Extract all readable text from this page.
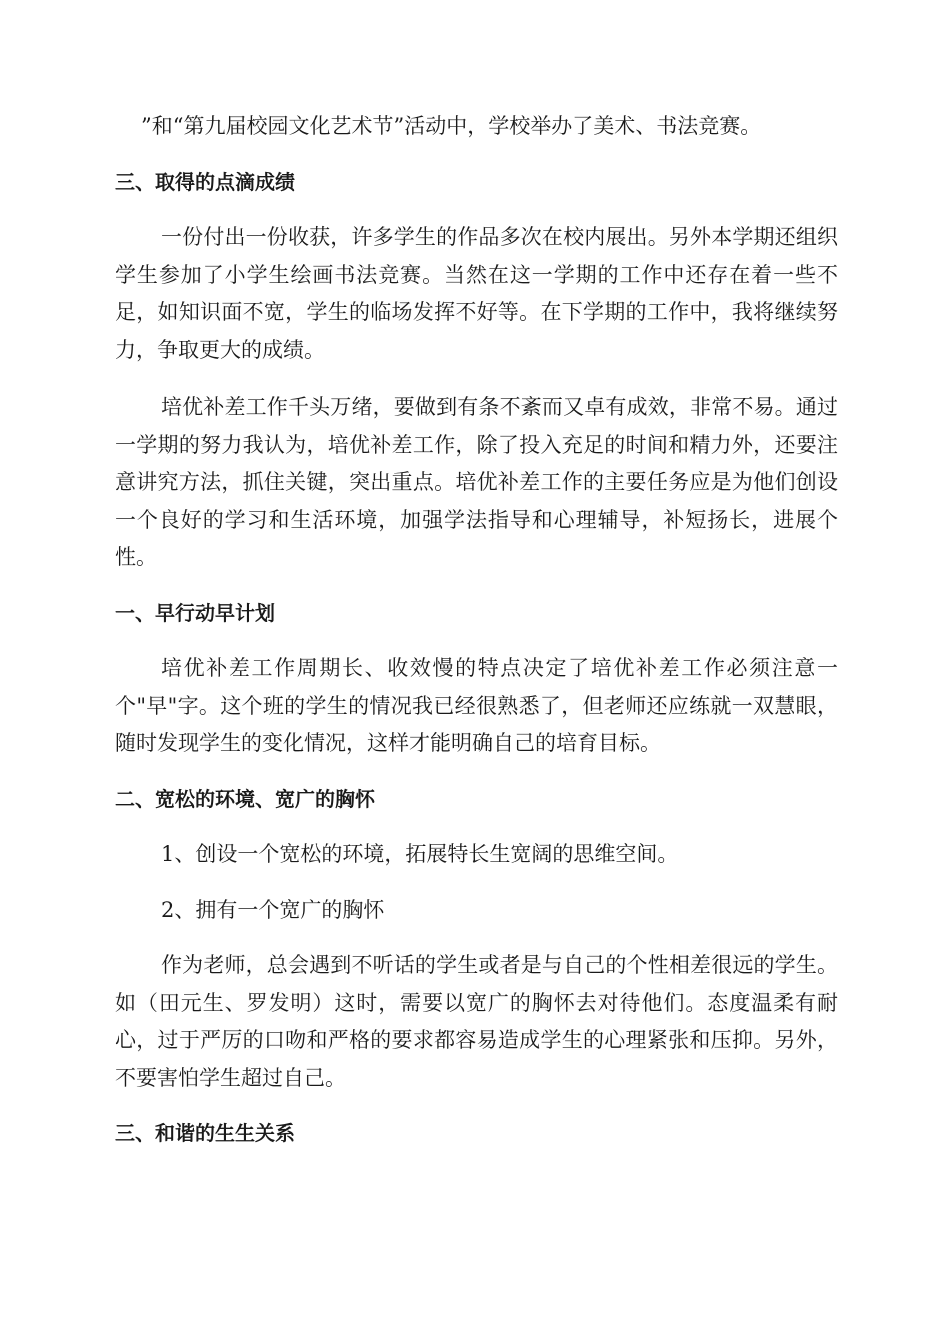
”和“第九届校园文化艺术节”活动中，学校举办了美术、书法竞赛。

三、取得的点滴成绩

一份付出一份收获，许多学生的作品多次在校内展出。另外本学期还组织学生参加了小学生绘画书法竞赛。当然在这一学期的工作中还存在着一些不足，如知识面不宽，学生的临场发挥不好等。在下学期的工作中，我将继续努力，争取更大的成绩。

培优补差工作千头万绪，要做到有条不紊而又卓有成效，非常不易。通过一学期的努力我认为，培优补差工作，除了投入充足的时间和精力外，还要注意讲究方法，抓住关键，突出重点。培优补差工作的主要任务应是为他们创设一个良好的学习和生活环境，加强学法指导和心理辅导，补短扬长，进展个性。

一、早行动早计划

培优补差工作周期长、收效慢的特点决定了培优补差工作必须注意一个"早"字。这个班的学生的情况我已经很熟悉了，但老师还应练就一双慧眼，随时发现学生的变化情况，这样才能明确自己的培育目标。

二、宽松的环境、宽广的胸怀

1、创设一个宽松的环境，拓展特长生宽阔的思维空间。

2、拥有一个宽广的胸怀

作为老师，总会遇到不听话的学生或者是与自己的个性相差很远的学生。如（田元生、罗发明）这时，需要以宽广的胸怀去对待他们。态度温柔有耐心，过于严厉的口吻和严格的要求都容易造成学生的心理紧张和压抑。另外，不要害怕学生超过自己。

三、和谐的生生关系
